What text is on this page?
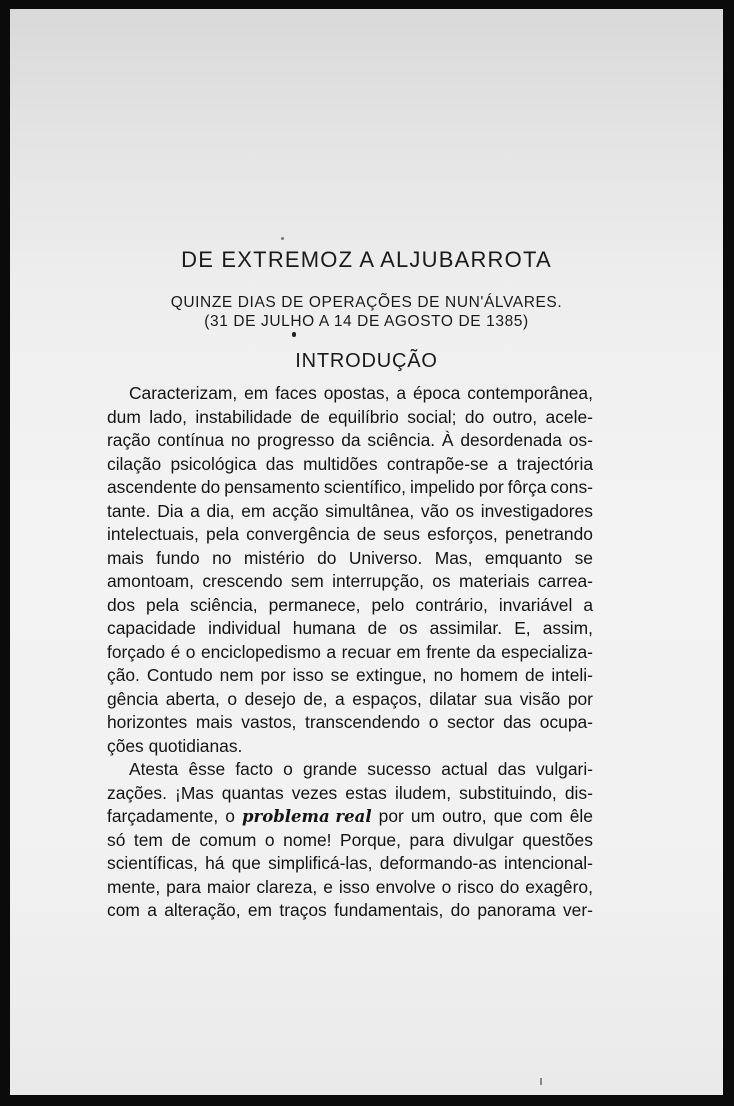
DE EXTREMOZ A ALJUBARROTA
QUINZE DIAS DE OPERAÇÕES DE NUN'ÁLVARES.
(31 DE JULHO A 14 DE AGOSTO DE 1385)
INTRODUÇÃO
Caracterizam, em faces opostas, a época contemporânea,
dum lado, instabilidade de equilíbrio social; do outro, acele-
ração contínua no progresso da sciência. À desordenada os-
cilação psicológica das multidões contrapõe-se a trajectória
ascendente do pensamento scientífico, impelido por fôrça cons-
tante. Dia a dia, em acção simultânea, vão os investigadores
intelectuais, pela convergência de seus esforços, penetrando
mais fundo no mistério do Universo. Mas, emquanto se
amontoam, crescendo sem interrupção, os materiais carrea-
dos pela sciência, permanece, pelo contrário, invariável a
capacidade individual humana de os assimilar. E, assim,
forçado é o enciclopedismo a recuar em frente da especializa-
ção. Contudo nem por isso se extingue, no homem de inteli-
gência aberta, o desejo de, a espaços, dilatar sua visão por
horizontes mais vastos, transcendendo o sector das ocupa-
ções quotidianas.
Atesta êsse facto o grande sucesso actual das vulgari-
zações. ¡Mas quantas vezes estas iludem, substituindo, dis-
farçadamente, o problema real por um outro, que com êle
só tem de comum o nome! Porque, para divulgar questões
scientíficas, há que simplificá-las, deformando-as intencional-
mente, para maior clareza, e isso envolve o risco do exagêro,
com a alteração, em traços fundamentais, do panorama ver-
